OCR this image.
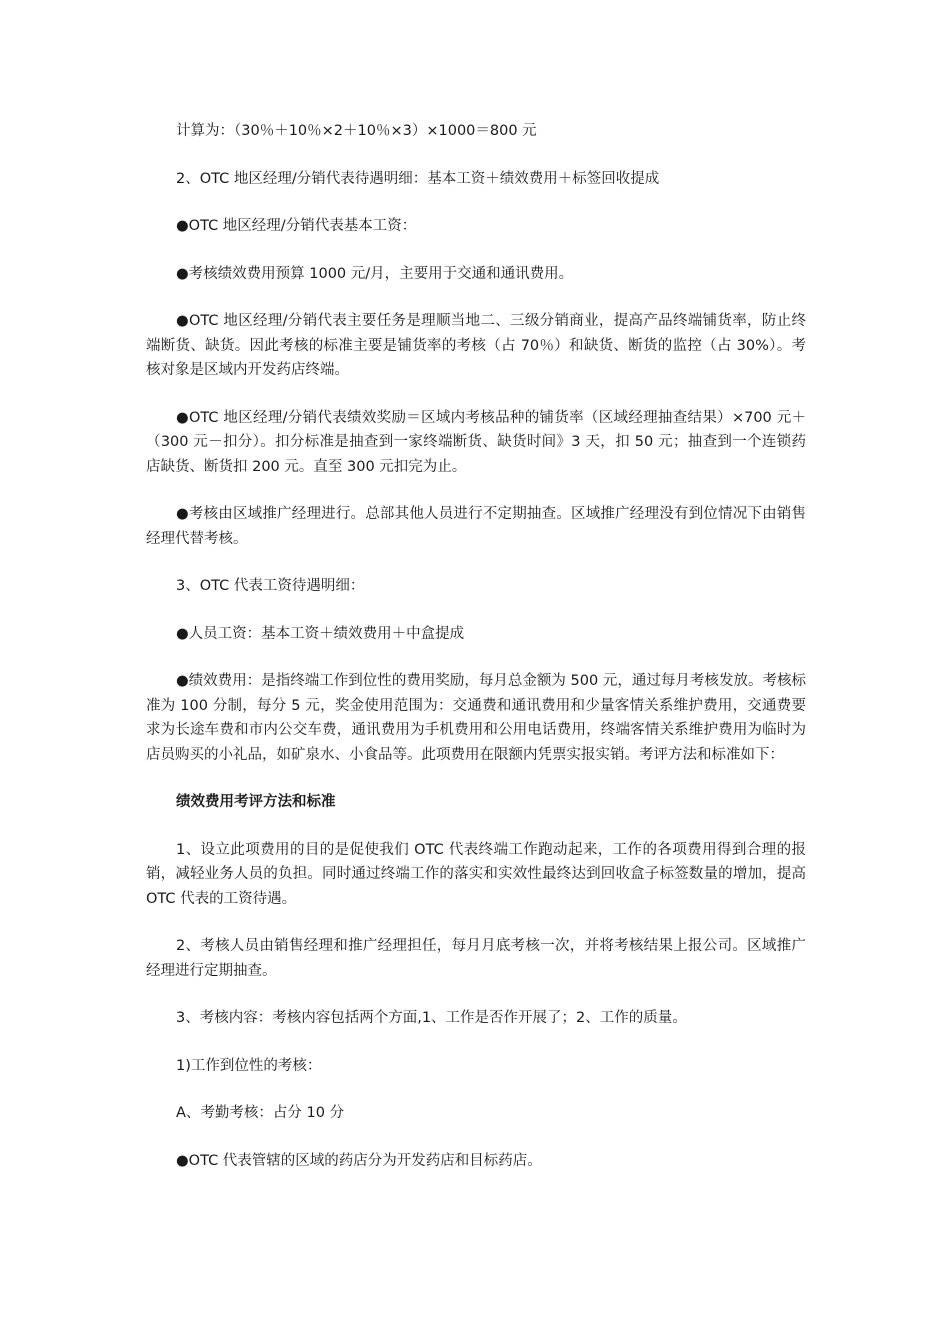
计算为：（30％＋10％×2＋10％×3）×1000＝800 元

2、OTC 地区经理/分销代表待遇明细：基本工资＋绩效费用＋标签回收提成

●OTC 地区经理/分销代表基本工资：

●考核绩效费用预算 1000 元/月，主要用于交通和通讯费用。

●OTC 地区经理/分销代表主要任务是理顺当地二、三级分销商业，提高产品终端铺货率，防止终端断货、缺货。因此考核的标准主要是铺货率的考核（占 70％）和缺货、断货的监控（占 30%）。考核对象是区域内开发药店终端。

●OTC 地区经理/分销代表绩效奖励＝区域内考核品种的铺货率（区域经理抽查结果）×700 元＋（300 元－扣分）。扣分标准是抽查到一家终端断货、缺货时间》3 天，扣 50 元；抽查到一个连锁药店缺货、断货扣 200 元。直至 300 元扣完为止。

●考核由区域推广经理进行。总部其他人员进行不定期抽查。区域推广经理没有到位情况下由销售经理代替考核。

3、OTC 代表工资待遇明细：

●人员工资：基本工资＋绩效费用＋中盒提成

●绩效费用：是指终端工作到位性的费用奖励，每月总金额为 500 元，通过每月考核发放。考核标准为 100 分制，每分 5 元，奖金使用范围为：交通费和通讯费用和少量客情关系维护费用，交通费要求为长途车费和市内公交车费，通讯费用为手机费用和公用电话费用，终端客情关系维护费用为临时为店员购买的小礼品，如矿泉水、小食品等。此项费用在限额内凭票实报实销。考评方法和标准如下：

绩效费用考评方法和标准

1、设立此项费用的目的是促使我们 OTC 代表终端工作跑动起来，工作的各项费用得到合理的报销，减轻业务人员的负担。同时通过终端工作的落实和实效性最终达到回收盒子标签数量的增加，提高 OTC 代表的工资待遇。

2、考核人员由销售经理和推广经理担任，每月月底考核一次，并将考核结果上报公司。区域推广经理进行定期抽查。

3、考核内容：考核内容包括两个方面,1、工作是否作开展了；2、工作的质量。

1)工作到位性的考核：

A、考勤考核：占分 10 分

●OTC 代表管辖的区域的药店分为开发药店和目标药店。
